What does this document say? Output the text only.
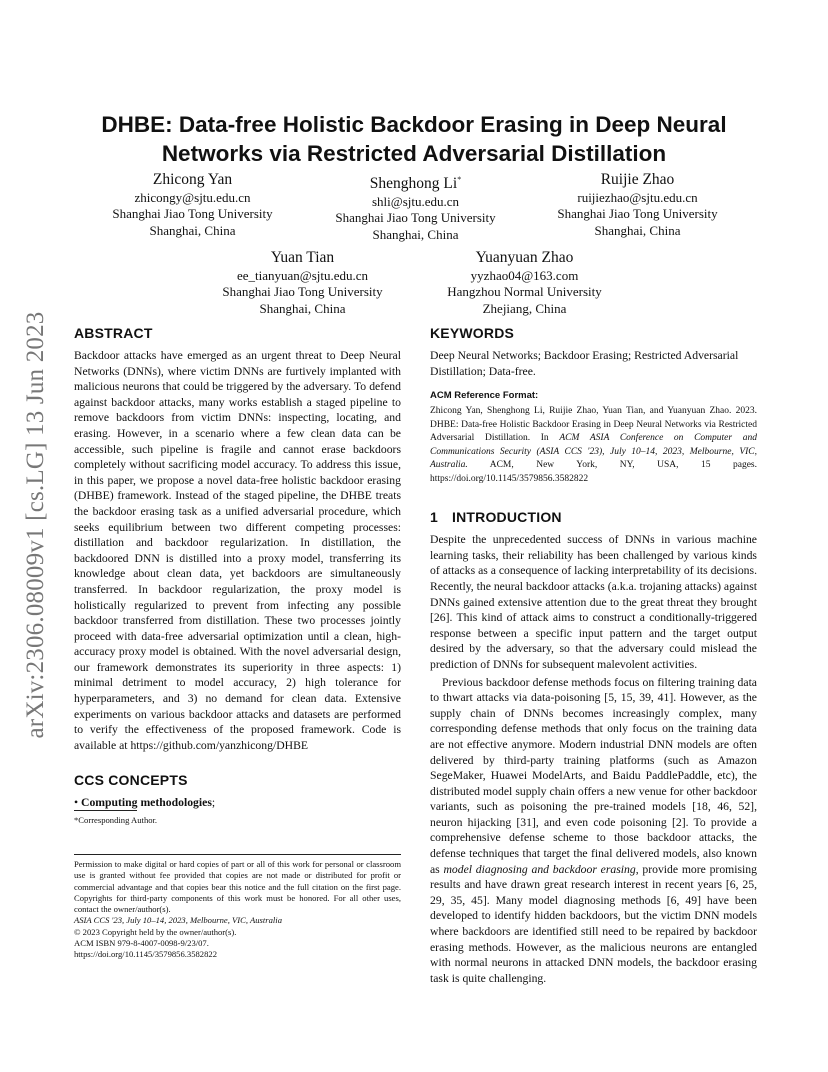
arXiv:2306.08009v1 [cs.LG] 13 Jun 2023
DHBE: Data-free Holistic Backdoor Erasing in Deep Neural Networks via Restricted Adversarial Distillation
Zhicong Yan
zhicongy@sjtu.edu.cn
Shanghai Jiao Tong University
Shanghai, China
Shenghong Li*
shli@sjtu.edu.cn
Shanghai Jiao Tong University
Shanghai, China
Ruijie Zhao
ruijiezhao@sjtu.edu.cn
Shanghai Jiao Tong University
Shanghai, China
Yuan Tian
ee_tianyuan@sjtu.edu.cn
Shanghai Jiao Tong University
Shanghai, China
Yuanyuan Zhao
yyzhao04@163.com
Hangzhou Normal University
Zhejiang, China
ABSTRACT
Backdoor attacks have emerged as an urgent threat to Deep Neural Networks (DNNs), where victim DNNs are furtively implanted with malicious neurons that could be triggered by the adversary. To defend against backdoor attacks, many works establish a staged pipeline to remove backdoors from victim DNNs: inspecting, locating, and erasing. However, in a scenario where a few clean data can be accessible, such pipeline is fragile and cannot erase backdoors completely without sacrificing model accuracy. To address this issue, in this paper, we propose a novel data-free holistic backdoor erasing (DHBE) framework. Instead of the staged pipeline, the DHBE treats the backdoor erasing task as a unified adversarial procedure, which seeks equilibrium between two different competing processes: distillation and backdoor regularization. In distillation, the backdoored DNN is distilled into a proxy model, transferring its knowledge about clean data, yet backdoors are simultaneously transferred. In backdoor regularization, the proxy model is holistically regularized to prevent from infecting any possible backdoor transferred from distillation. These two processes jointly proceed with data-free adversarial optimization until a clean, high-accuracy proxy model is obtained. With the novel adversarial design, our framework demonstrates its superiority in three aspects: 1) minimal detriment to model accuracy, 2) high tolerance for hyperparameters, and 3) no demand for clean data. Extensive experiments on various backdoor attacks and datasets are performed to verify the effectiveness of the proposed framework. Code is available at https://github.com/yanzhicong/DHBE
CCS CONCEPTS
• Computing methodologies;
*Corresponding Author.
Permission to make digital or hard copies of part or all of this work for personal or classroom use is granted without fee provided that copies are not made or distributed for profit or commercial advantage and that copies bear this notice and the full citation on the first page. Copyrights for third-party components of this work must be honored. For all other uses, contact the owner/author(s).
ASIA CCS '23, July 10–14, 2023, Melbourne, VIC, Australia
© 2023 Copyright held by the owner/author(s).
ACM ISBN 979-8-4007-0098-9/23/07.
https://doi.org/10.1145/3579856.3582822
KEYWORDS
Deep Neural Networks; Backdoor Erasing; Restricted Adversarial Distillation; Data-free.
ACM Reference Format:
Zhicong Yan, Shenghong Li, Ruijie Zhao, Yuan Tian, and Yuanyuan Zhao. 2023. DHBE: Data-free Holistic Backdoor Erasing in Deep Neural Networks via Restricted Adversarial Distillation. In ACM ASIA Conference on Computer and Communications Security (ASIA CCS '23), July 10–14, 2023, Melbourne, VIC, Australia. ACM, New York, NY, USA, 15 pages. https://doi.org/10.1145/3579856.3582822
1 INTRODUCTION
Despite the unprecedented success of DNNs in various machine learning tasks, their reliability has been challenged by various kinds of attacks as a consequence of lacking interpretability of its decisions. Recently, the neural backdoor attacks (a.k.a. trojaning attacks) against DNNs gained extensive attention due to the great threat they brought [26]. This kind of attack aims to construct a conditionally-triggered response between a specific input pattern and the target output desired by the adversary, so that the adversary could mislead the prediction of DNNs for subsequent malevolent activities.
Previous backdoor defense methods focus on filtering training data to thwart attacks via data-poisoning [5, 15, 39, 41]. However, as the supply chain of DNNs becomes increasingly complex, many corresponding defense methods that only focus on the training data are not effective anymore. Modern industrial DNN models are often delivered by third-party training platforms (such as Amazon SegeMaker, Huawei ModelArts, and Baidu PaddlePaddle, etc), the distributed model supply chain offers a new venue for other backdoor variants, such as poisoning the pre-trained models [18, 46, 52], neuron hijacking [31], and even code poisoning [2]. To provide a comprehensive defense scheme to those backdoor attacks, the defense techniques that target the final delivered models, also known as model diagnosing and backdoor erasing, provide more promising results and have drawn great research interest in recent years [6, 25, 29, 35, 45]. Many model diagnosing methods [6, 49] have been developed to identify hidden backdoors, but the victim DNN models where backdoors are identified still need to be repaired by backdoor erasing methods. However, as the malicious neurons are entangled with normal neurons in attacked DNN models, the backdoor erasing task is quite challenging.
